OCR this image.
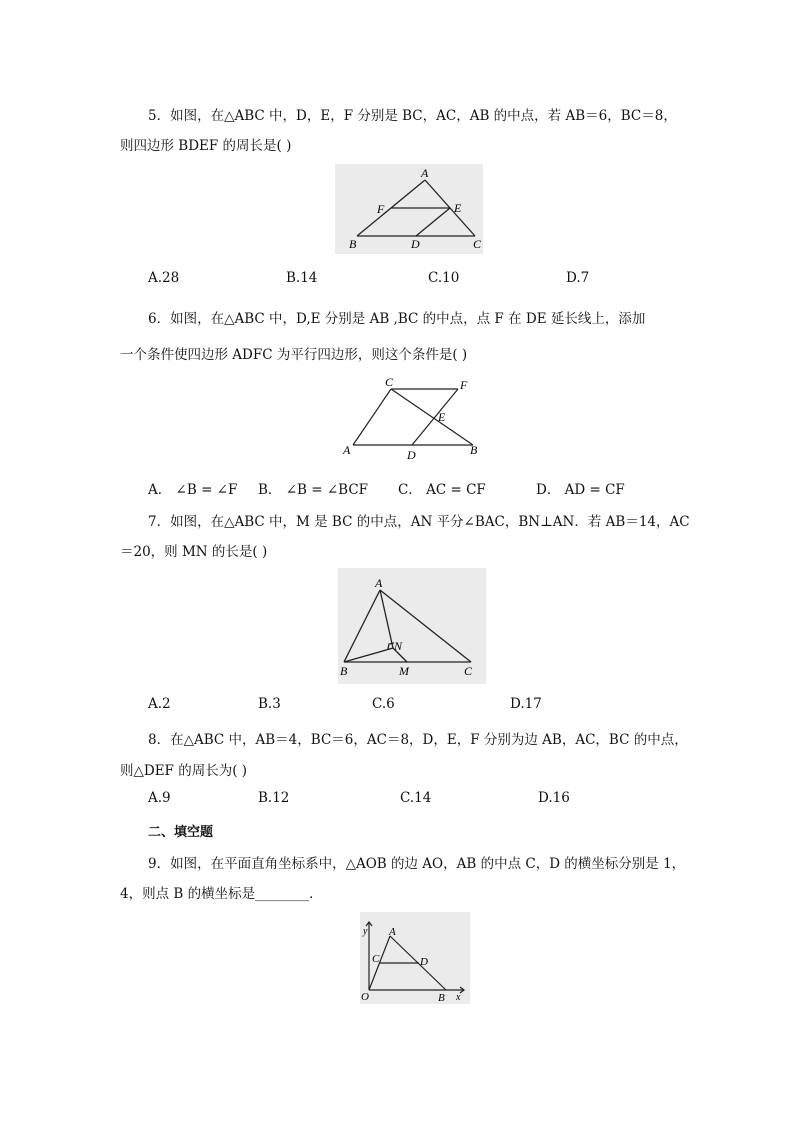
5．如图，在△ABC 中，D，E，F 分别是 BC，AC，AB 的中点，若 AB＝6，BC＝8，
则四边形 BDEF 的周长是( )
A
F	E
B	D	C
A.28	B.14	C.10	D.7
6．如图，在△ABC 中，D,E 分别是 AB ,BC 的中点，点 F 在 DE 延长线上，添加
一个条件使四边形 ADFC 为平行四边形，则这个条件是( )
C	F
E
A	D	B
A． ∠B = ∠F B． ∠B = ∠BCF C． AC = CF	D． AD = CF
7．如图，在△ABC 中，M 是 BC 的中点，AN 平分∠BAC，BN⊥AN．若 AB＝14，AC
＝20，则 MN 的长是( )
A
N
B	M	C
A.2	B.3	C.6	D.17
8．在△ABC 中，AB＝4，BC＝6，AC＝8，D，E，F 分别为边 AB，AC，BC 的中点，
则△DEF 的周长为( )
A.9	B.12	C.14	D.16
二、填空题
9．如图，在平面直角坐标系中，△AOB 的边 AO，AB 的中点 C，D 的横坐标分别是 1，
4，则点 B 的横坐标是________．
y A
C	D
O	B x
